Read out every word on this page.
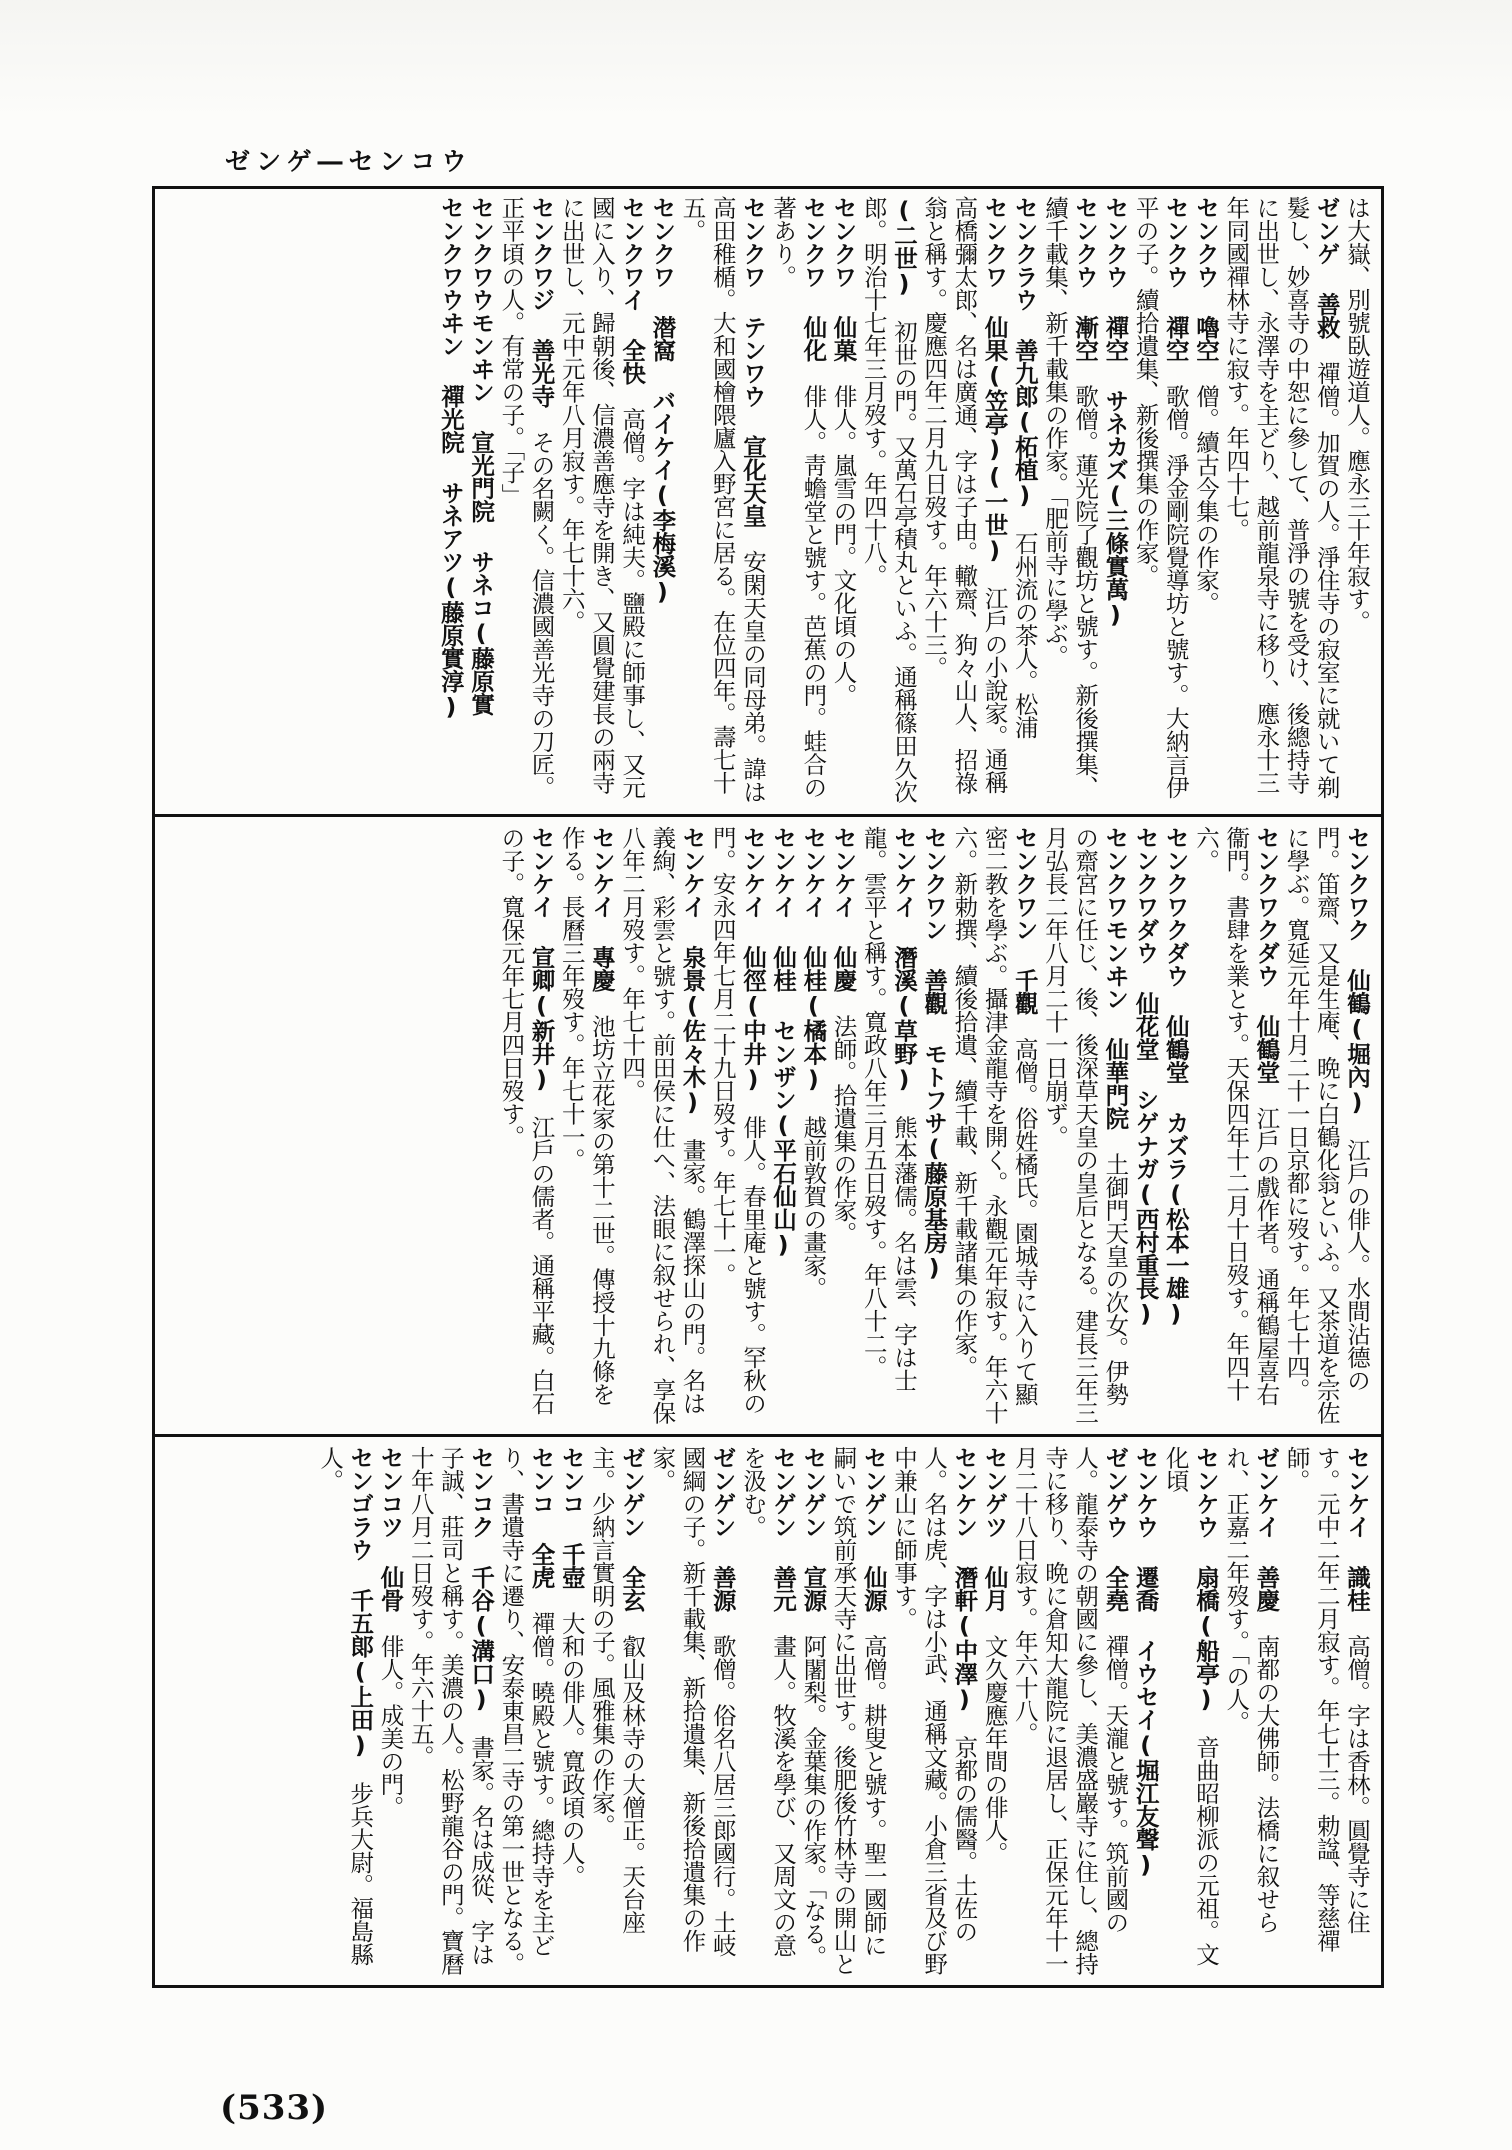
ゼンゲ―センコウ

は大嶽、別號臥遊道人。應永三十年寂す。

ゼンゲ 善救　禪僧。加賀の人。淨住寺の寂室に就いて剃髮し、妙喜寺の中恕に參して、普淨の號を受け、後總持寺に出世し、永澤寺を主どり、越前龍泉寺に移り、應永十三年同國禪林寺に寂す。年四十七。

センクウ 嚕空　僧。續古今集の作家。

センクウ 禪空　歌僧。淨金剛院覺導坊と號す。大納言伊平の子。續拾遺集、新後撰集の作家。

センクウ 禪空 サネカズ(三條實萬)　

センクウ 漸空　歌僧。蓮光院了觀坊と號す。新後撰集、續千載集、新千載集の作家。「肥前寺に學ぶ。

センクラウ 善九郎(柘植)　石州流の茶人。松浦

センクワ 仙果(笠亭)(一世)　江戶の小說家。通稱高橋彌太郎、名は廣通、字は子由。轍齋、狗々山人、招祿翁と稱す。慶應四年二月九日歿す。年六十三。

(二世)　初世の門。又萬石亭積丸といふ。通稱篠田久次郎。明治十七年三月歿す。年四十八。

センクワ 仙菓　俳人。嵐雪の門。文化頃の人。

センクワ 仙化　俳人。靑蟾堂と號す。芭蕉の門。蛙合の著あり。

センクワ テンワウ 宣化天皇　安閑天皇の同母弟。諱は高田稚楯。大和國檜隈廬入野宮に居る。在位四年。壽七十五。

センクワ 潜窩 バイケイ(李梅溪)　

センクワイ 全快　高僧。字は純夫。鹽殿に師事し、又元國に入り、歸朝後、信濃善應寺を開き、又圓覺建長の兩寺に出世し、元中元年八月寂す。年七十六。

センクワジ 善光寺　その名闕く。信濃國善光寺の刀匠。正平頃の人。有常の子。「子」

センクワウモンヰン 宣光門院 サネコ(藤原實　

センクワウヰン 禪光院 サネアツ(藤原實淳)　

センクワク 仙鶴(堀內)　江戶の俳人。水間沾德の門。笛齋、又是生庵、晩に白鶴化翁といふ。又茶道を宗佐に學ぶ。寬延元年十月二十一日京都に歿す。年七十四。

センクワクダウ 仙鶴堂　江戶の戲作者。通稱鶴屋喜右衞門。書肆を業とす。天保四年十二月十日歿す。年四十六。

センクワクダウ 仙鶴堂 カズラ(松本一雄)　

センクワダウ 仙花堂 シゲナガ(西村重長)　

センクワモンヰン 仙華門院　土御門天皇の次女。伊勢の齋宮に任じ、後、後深草天皇の皇后となる。建長三年三月弘長二年八月二十一日崩ず。

センクワン 千觀　高僧。俗姓橘氏。園城寺に入りて顯密二教を學ぶ。攝津金龍寺を開く。永觀元年寂す。年六十六。新勅撰、續後拾遺、續千載、新千載諸集の作家。

センクワン 善觀 モトフサ(藤原基房)　

センケイ 潛溪(草野)　熊本藩儒。名は雲、字は士龍。雲平と稱す。寬政八年三月五日歿す。年八十二。

センケイ 仙慶　法師。拾遺集の作家。

センケイ 仙桂(橘本)　越前敦賀の畫家。

センケイ 仙桂 センザン(平石仙山)　

センケイ 仙徑(中井)　俳人。春里庵と號す。罕秋の門。安永四年七月二十九日歿す。年七十一。

センケイ 泉景(佐々木)　畫家。鶴澤探山の門。名は義絢、彩雲と號す。前田侯に仕へ、法眼に叙せられ、享保八年二月歿す。年七十四。

センケイ 專慶　池坊立花家の第十二世。傳授十九條を作る。長曆三年歿す。年七十一。

センケイ 宣卿(新井)　江戶の儒者。通稱平藏。白石の子。寬保元年七月四日歿す。

センケイ 識桂　高僧。字は香林。圓覺寺に住す。元中二年二月寂す。年七十三。勅諡、等慈禪師。

ゼンケイ 善慶　南都の大佛師。法橋に叙せられ、正嘉二年歿す。「の人。

センケウ 扇橋(船亭)　音曲昭柳派の元祖。文化頃

センケウ 遷喬 イウセイ(堀江友聲)　

ゼンゲウ 全堯　禪僧。天瀧と號す。筑前國の人。龍泰寺の朝國に參し、美濃盛巖寺に住し、總持寺に移り、晩に倉知大龍院に退居し、正保元年十一月二十八日寂す。年六十八。

センゲツ 仙月　文久慶應年間の俳人。

センケン 潛軒(中澤)　京都の儒醫。土佐の人。名は虎、字は小武、通稱文藏。小倉三省及び野中兼山に師事す。

センゲン 仙源　高僧。耕叟と號す。聖一國師に嗣いで筑前承天寺に出世す。後肥後竹林寺の開山と

センゲン 宣源　阿闍梨。金葉集の作家。「なる。

センゲン 善元　畫人。牧溪を學び、又周文の意を汲む。

ゼンゲン 善源　歌僧。俗名八居三郞國行。土岐國綱の子。新千載集、新拾遺集、新後拾遺集の作家。

ゼンゲン 全玄　叡山及林寺の大僧正。天台座主。少納言實明の子。風雅集の作家。

センコ 千壺　大和の俳人。寬政頃の人。

センコ 全虎　禪僧。曉殿と號す。總持寺を主どり、書遺寺に遷り、安泰東昌二寺の第一世となる。

センコク 千谷(溝口)　書家。名は成從、字は子誠、莊司と稱す。美濃の人。松野龍谷の門。寶曆十年八月二日歿す。年六十五。

センコツ 仙骨　俳人。成美の門。

センゴラウ 千五郞(上田)　步兵大尉。福島縣人。

(533)
